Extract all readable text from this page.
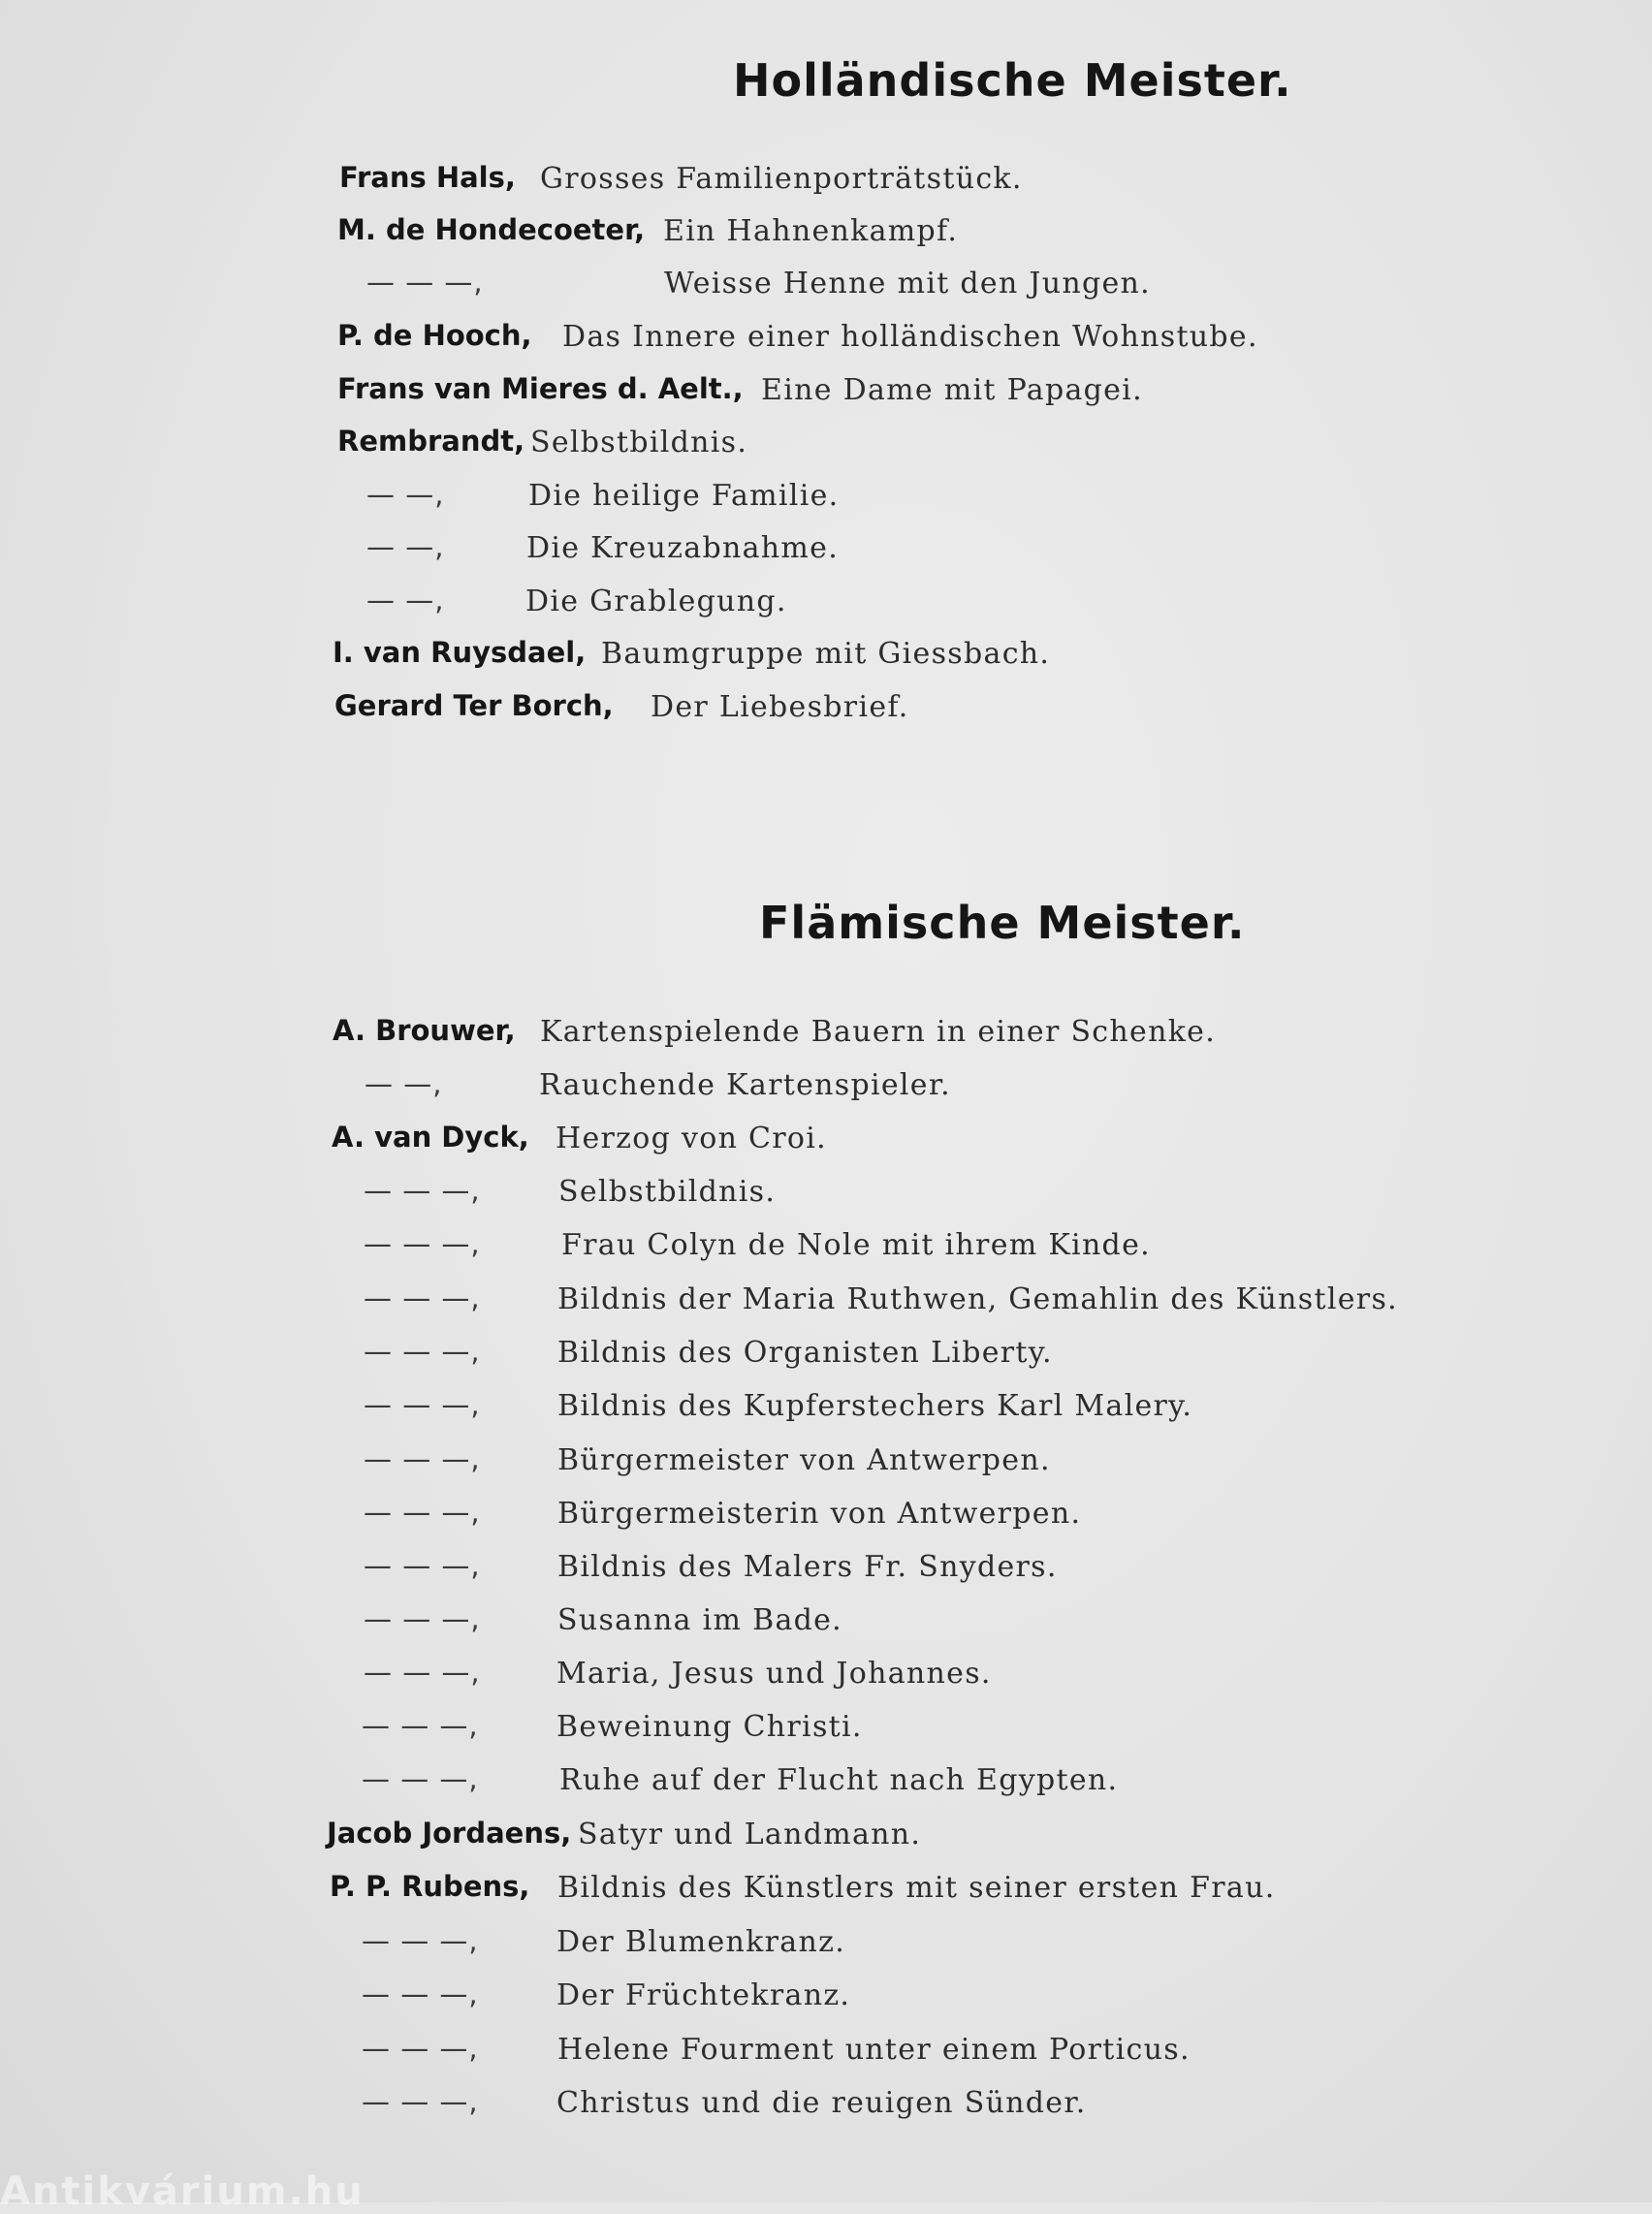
Holländische Meister.
Flämische Meister.
Frans Hals, Grosses Familienporträtstück.
M. de Hondecoeter, Ein Hahnenkampf.
— — —,	Weisse Henne mit den Jungen.
P. de Hooch, Das Innere einer holländischen Wohnstube.
Frans van Mieres d. Aelt., Eine Dame mit Papagei.
Rembrandt, Selbstbildnis.
— —,	Die heilige Familie.
— —,	Die Kreuzabnahme.
— —,	Die Grablegung.
I. van Ruysdael, Baumgruppe mit Giessbach.
Gerard Ter Borch, Der Liebesbrief.
A. Brouwer, Kartenspielende Bauern in einer Schenke.
— —,	Rauchende Kartenspieler.
A. van Dyck, Herzog von Croi.
— — —,	Selbstbildnis.
— — —,	Frau Colyn de Nole mit ihrem Kinde.
— — —,	Bildnis der Maria Ruthwen, Gemahlin des Künstlers.
— — —,	Bildnis des Organisten Liberty.
— — —,	Bildnis des Kupferstechers Karl Malery.
— — —,	Bürgermeister von Antwerpen.
— — —,	Bürgermeisterin von Antwerpen.
— — —,	Bildnis des Malers Fr. Snyders.
— — —,	Susanna im Bade.
— — —,	Maria, Jesus und Johannes.
— — —,	Beweinung Christi.
— — —,	Ruhe auf der Flucht nach Egypten.
Jacob Jordaens, Satyr und Landmann.
P. P. Rubens, Bildnis des Künstlers mit seiner ersten Frau.
— — —,	Der Blumenkranz.
— — —,	Der Früchtekranz.
— — —,	Helene Fourment unter einem Porticus.
— — —,	Christus und die reuigen Sünder.
Antikvárium.hu
